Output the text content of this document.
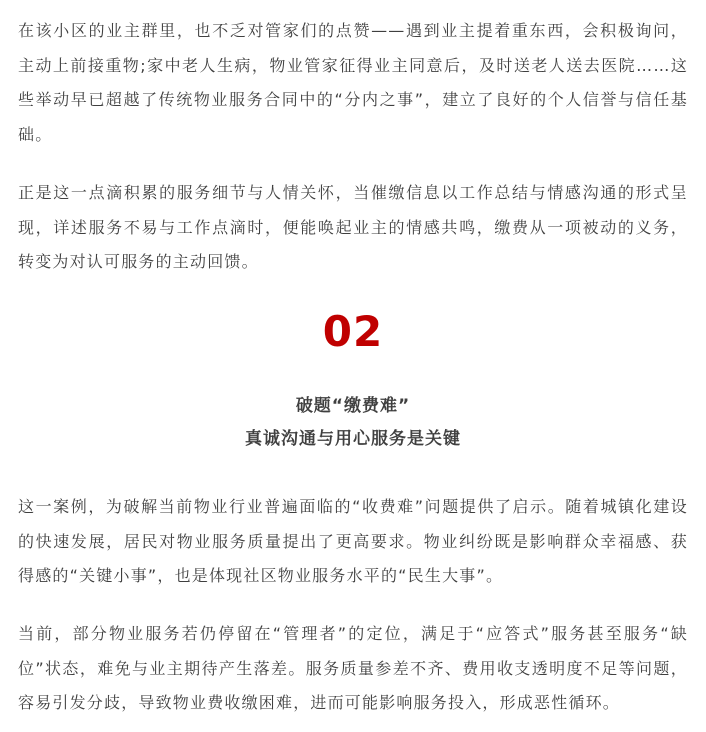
在该小区的业主群里，也不乏对管家们的点赞——遇到业主提着重东西，会积极询问，主动上前接重物;家中老人生病，物业管家征得业主同意后，及时送老人送去医院……这些举动早已超越了传统物业服务合同中的“分内之事”，建立了良好的个人信誉与信任基础。

正是这一点滴积累的服务细节与人情关怀，当催缴信息以工作总结与情感沟通的形式呈现，详述服务不易与工作点滴时，便能唤起业主的情感共鸣，缴费从一项被动的义务，转变为对认可服务的主动回馈。

02

破题“缴费难”

真诚沟通与用心服务是关键

这一案例，为破解当前物业行业普遍面临的“收费难”问题提供了启示。随着城镇化建设的快速发展，居民对物业服务质量提出了更高要求。物业纠纷既是影响群众幸福感、获得感的“关键小事”，也是体现社区物业服务水平的“民生大事”。

当前，部分物业服务若仍停留在“管理者”的定位，满足于“应答式”服务甚至服务“缺位”状态，难免与业主期待产生落差。服务质量参差不齐、费用收支透明度不足等问题，容易引发分歧，导致物业费收缴困难，进而可能影响服务投入，形成恶性循环。
